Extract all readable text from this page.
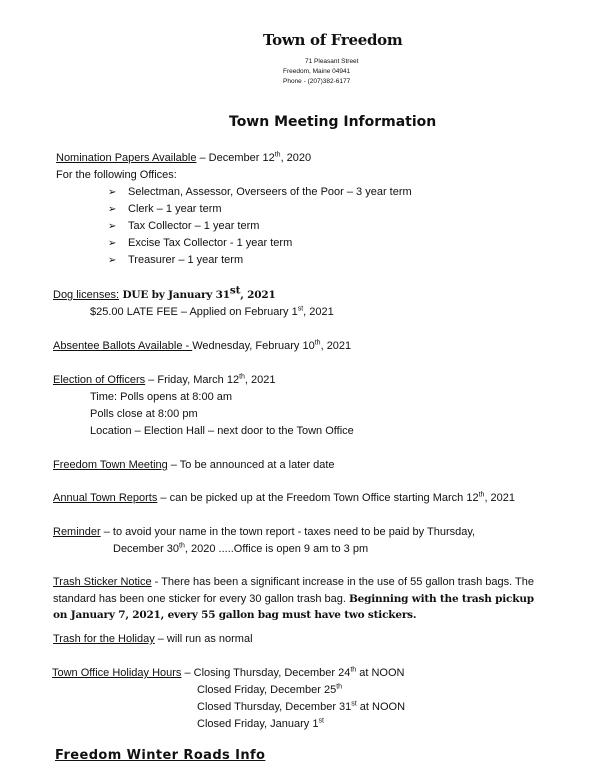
Town of Freedom
71 Pleasant Street
Freedom, Maine 04941
Phone - (207)382-6177
Town Meeting Information
Nomination Papers Available – December 12th, 2020
For the following Offices:
➢ Selectman, Assessor, Overseers of the Poor – 3 year term
➢ Clerk – 1 year term
➢ Tax Collector – 1 year term
➢ Excise Tax Collector - 1 year term
➢ Treasurer – 1 year term
Dog licenses: DUE by January 31st, 2021
$25.00 LATE FEE – Applied on February 1st, 2021
Absentee Ballots Available - Wednesday, February 10th, 2021
Election of Officers – Friday, March 12th, 2021
Time: Polls opens at 8:00 am
Polls close at 8:00 pm
Location – Election Hall – next door to the Town Office
Freedom Town Meeting – To be announced at a later date
Annual Town Reports – can be picked up at the Freedom Town Office starting March 12th, 2021
Reminder – to avoid your name in the town report - taxes need to be paid by Thursday,
December 30th, 2020 .....Office is open 9 am to 3 pm
Trash Sticker Notice - There has been a significant increase in the use of 55 gallon trash bags. The standard has been one sticker for every 30 gallon trash bag. Beginning with the trash pickup on January 7, 2021, every 55 gallon bag must have two stickers.
Trash for the Holiday – will run as normal
Town Office Holiday Hours – Closing Thursday, December 24th at NOON
Closed Friday, December 25th
Closed Thursday, December 31st at NOON
Closed Friday, January 1st
Freedom Winter Roads Info
